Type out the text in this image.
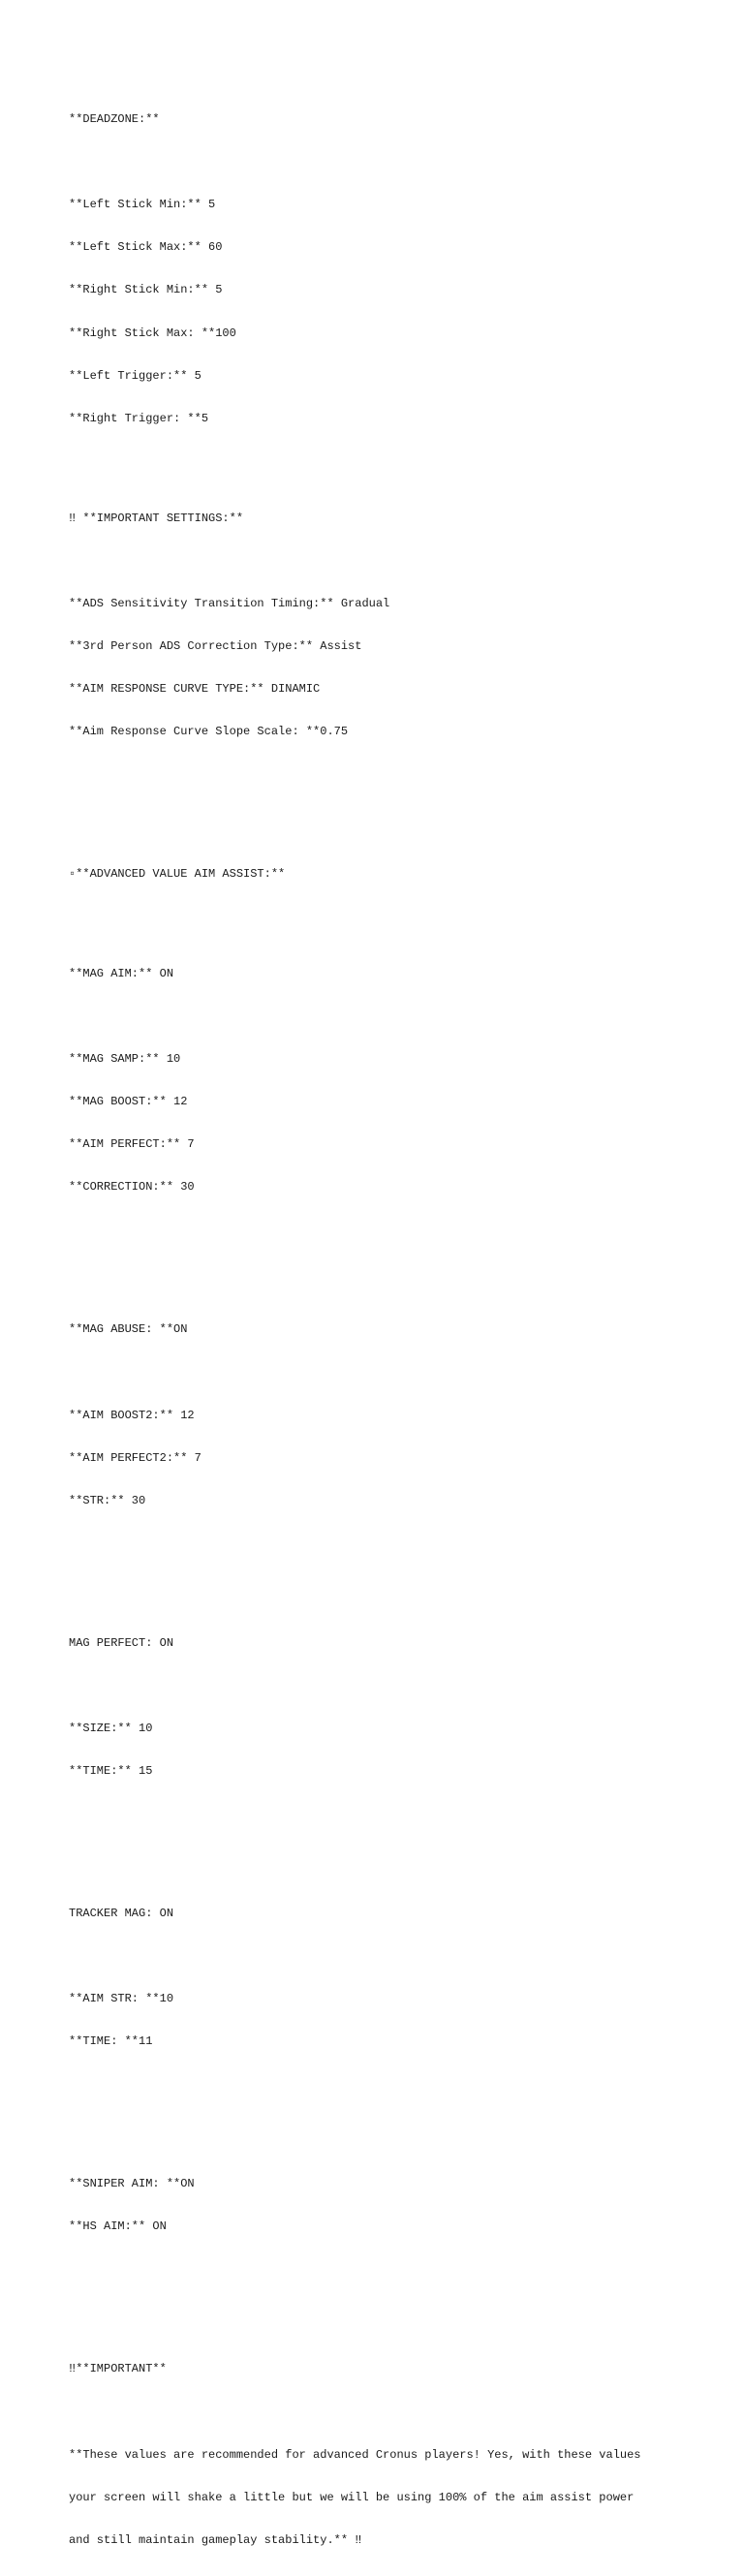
**DEADZONE:**

**Left Stick Min:** 5

**Left Stick Max:** 60

**Right Stick Min:** 5

**Right Stick Max: **100

**Left Trigger:** 5

**Right Trigger: **5

‼ **IMPORTANT SETTINGS:**

**ADS Sensitivity Transition Timing:** Gradual

**3rd Person ADS Correction Type:** Assist

**AIM RESPONSE CURVE TYPE:** DINAMIC

**Aim Response Curve Slope Scale: **0.75

▫**ADVANCED VALUE AIM ASSIST:**

**MAG AIM:** ON

**MAG SAMP:** 10

**MAG BOOST:** 12

**AIM PERFECT:** 7

**CORRECTION:** 30

**MAG ABUSE: **ON

**AIM BOOST2:** 12

**AIM PERFECT2:** 7

**STR:** 30

MAG PERFECT: ON

**SIZE:** 10

**TIME:** 15

TRACKER MAG: ON

**AIM STR: **10

**TIME: **11

**SNIPER AIM: **ON

**HS AIM:** ON

‼**IMPORTANT**

**These values are recommended for advanced Cronus players! Yes, with these values

your screen will shake a little but we will be using 100% of the aim assist power

and still maintain gameplay stability.** ‼
